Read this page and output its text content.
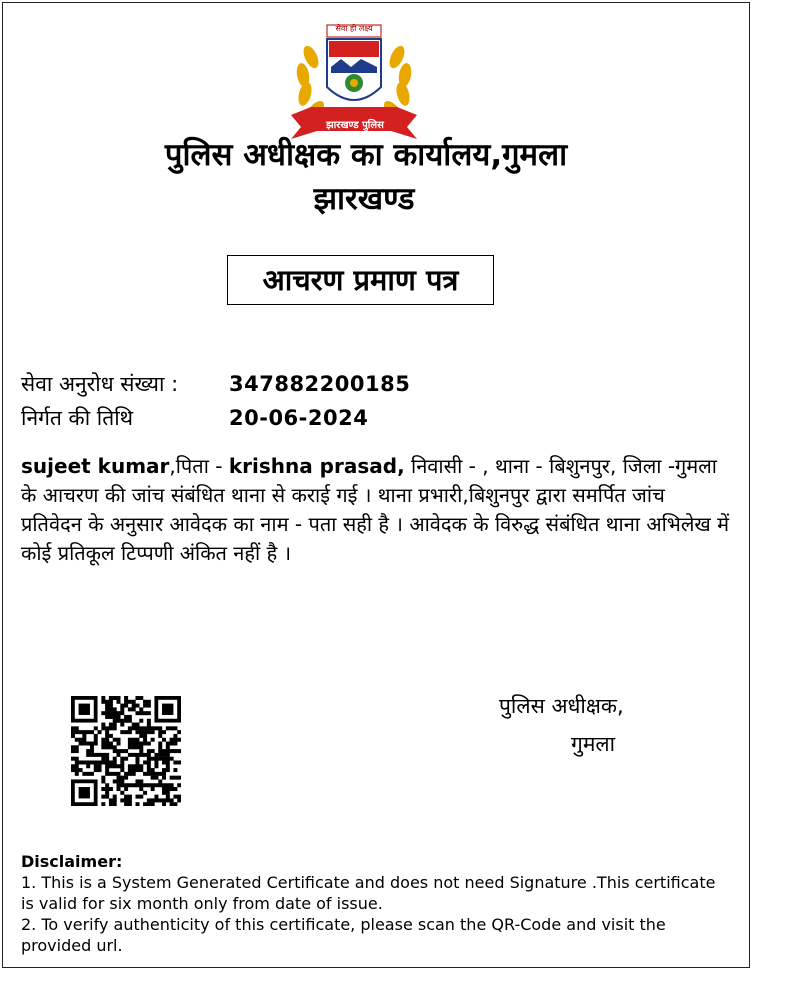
सेवा ही लक्ष्य
झारखण्ड पुलिस
पुलिस अधीक्षक का कार्यालय,गुमला
झारखण्ड
आचरण प्रमाण पत्र
सेवा अनुरोध संख्या : 347882200185
निर्गत की तिथि	20-06-2024
sujeet kumar,पिता - krishna prasad, निवासी - , थाना - बिशुनपुर, जिला -गुमला के आचरण की जांच संबंधित थाना से कराई गई । थाना प्रभारी,बिशुनपुर द्वारा समर्पित जांच प्रतिवेदन के अनुसार आवेदक का नाम - पता सही है । आवेदक के विरुद्ध संबंधित थाना अभिलेख में कोई प्रतिकूल टिप्पणी अंकित नहीं है ।
पुलिस अधीक्षक,
गुमला
Disclaimer:
1. This is a System Generated Certificate and does not need Signature .This certificate is valid for six month only from date of issue.
2. To verify authenticity of this certificate, please scan the QR-Code and visit the provided url.
